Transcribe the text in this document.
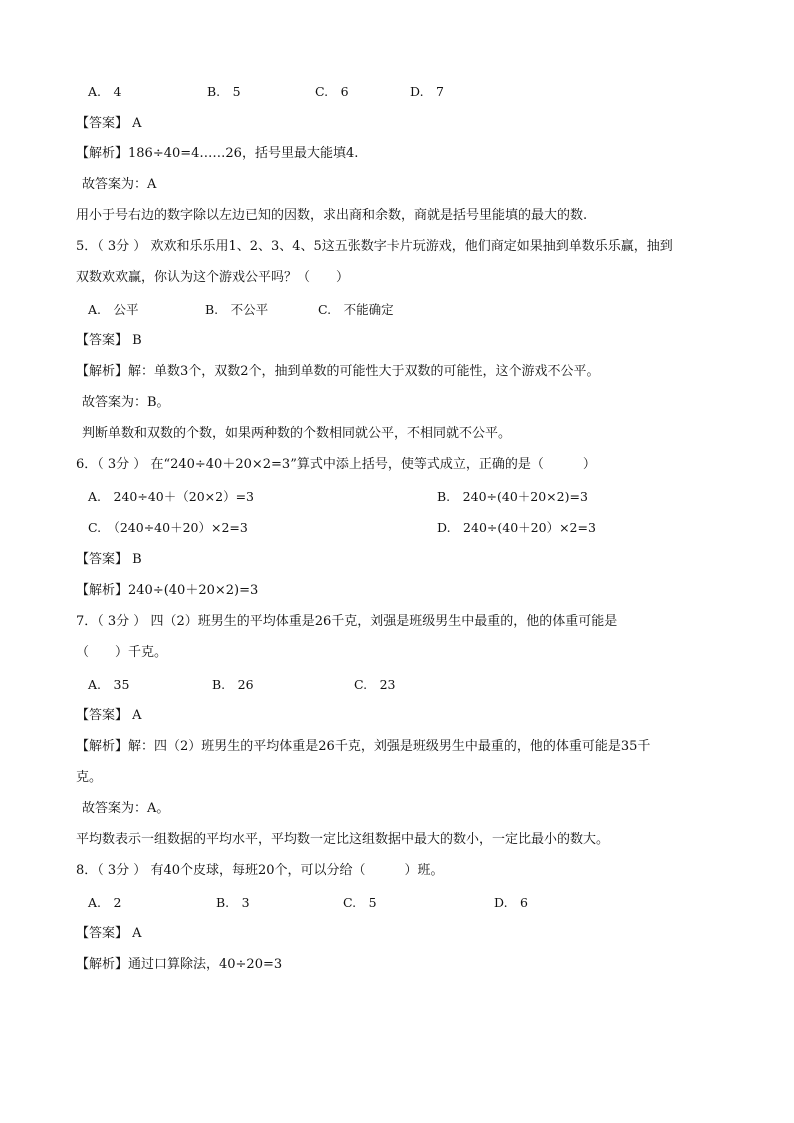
A.　4	B.　5	C.　6	D.　7
【答案】 A
【解析】186÷40=4……26，括号里最大能填4.
故答案为：A
用小于号右边的数字除以左边已知的因数，求出商和余数，商就是括号里能填的最大的数.
5．（ 3分 ） 欢欢和乐乐用1、2、3、4、5这五张数字卡片玩游戏，他们商定如果抽到单数乐乐赢，抽到
双数欢欢赢，你认为这个游戏公平吗？（　　）
A.　公平	B.　不公平	C.　不能确定
【答案】 B
【解析】解：单数3个，双数2个，抽到单数的可能性大于双数的可能性，这个游戏不公平。
故答案为：B。
判断单数和双数的个数，如果两种数的个数相同就公平，不相同就不公平。
6．（ 3分 ） 在“240÷40＋20×2=3”算式中添上括号，使等式成立，正确的是（　　　）
A.　240÷40＋（20×2）=3	B.　240÷(40＋20×2)=3
C.　（240÷40＋20）×2=3	D.　240÷(40＋20）×2=3
【答案】 B
【解析】240÷(40＋20×2)=3
7．（ 3分 ） 四（2）班男生的平均体重是26千克，刘强是班级男生中最重的，他的体重可能是
（　　）千克。
A.　35	B.　26	C.　23
【答案】 A
【解析】解：四（2）班男生的平均体重是26千克，刘强是班级男生中最重的，他的体重可能是35千
克。
故答案为：A。
平均数表示一组数据的平均水平，平均数一定比这组数据中最大的数小，一定比最小的数大。
8．（ 3分 ） 有40个皮球，每班20个，可以分给（　　　）班。
A.　2	B.　3	C.　5	D.　6
【答案】 A
【解析】通过口算除法，40÷20=3
